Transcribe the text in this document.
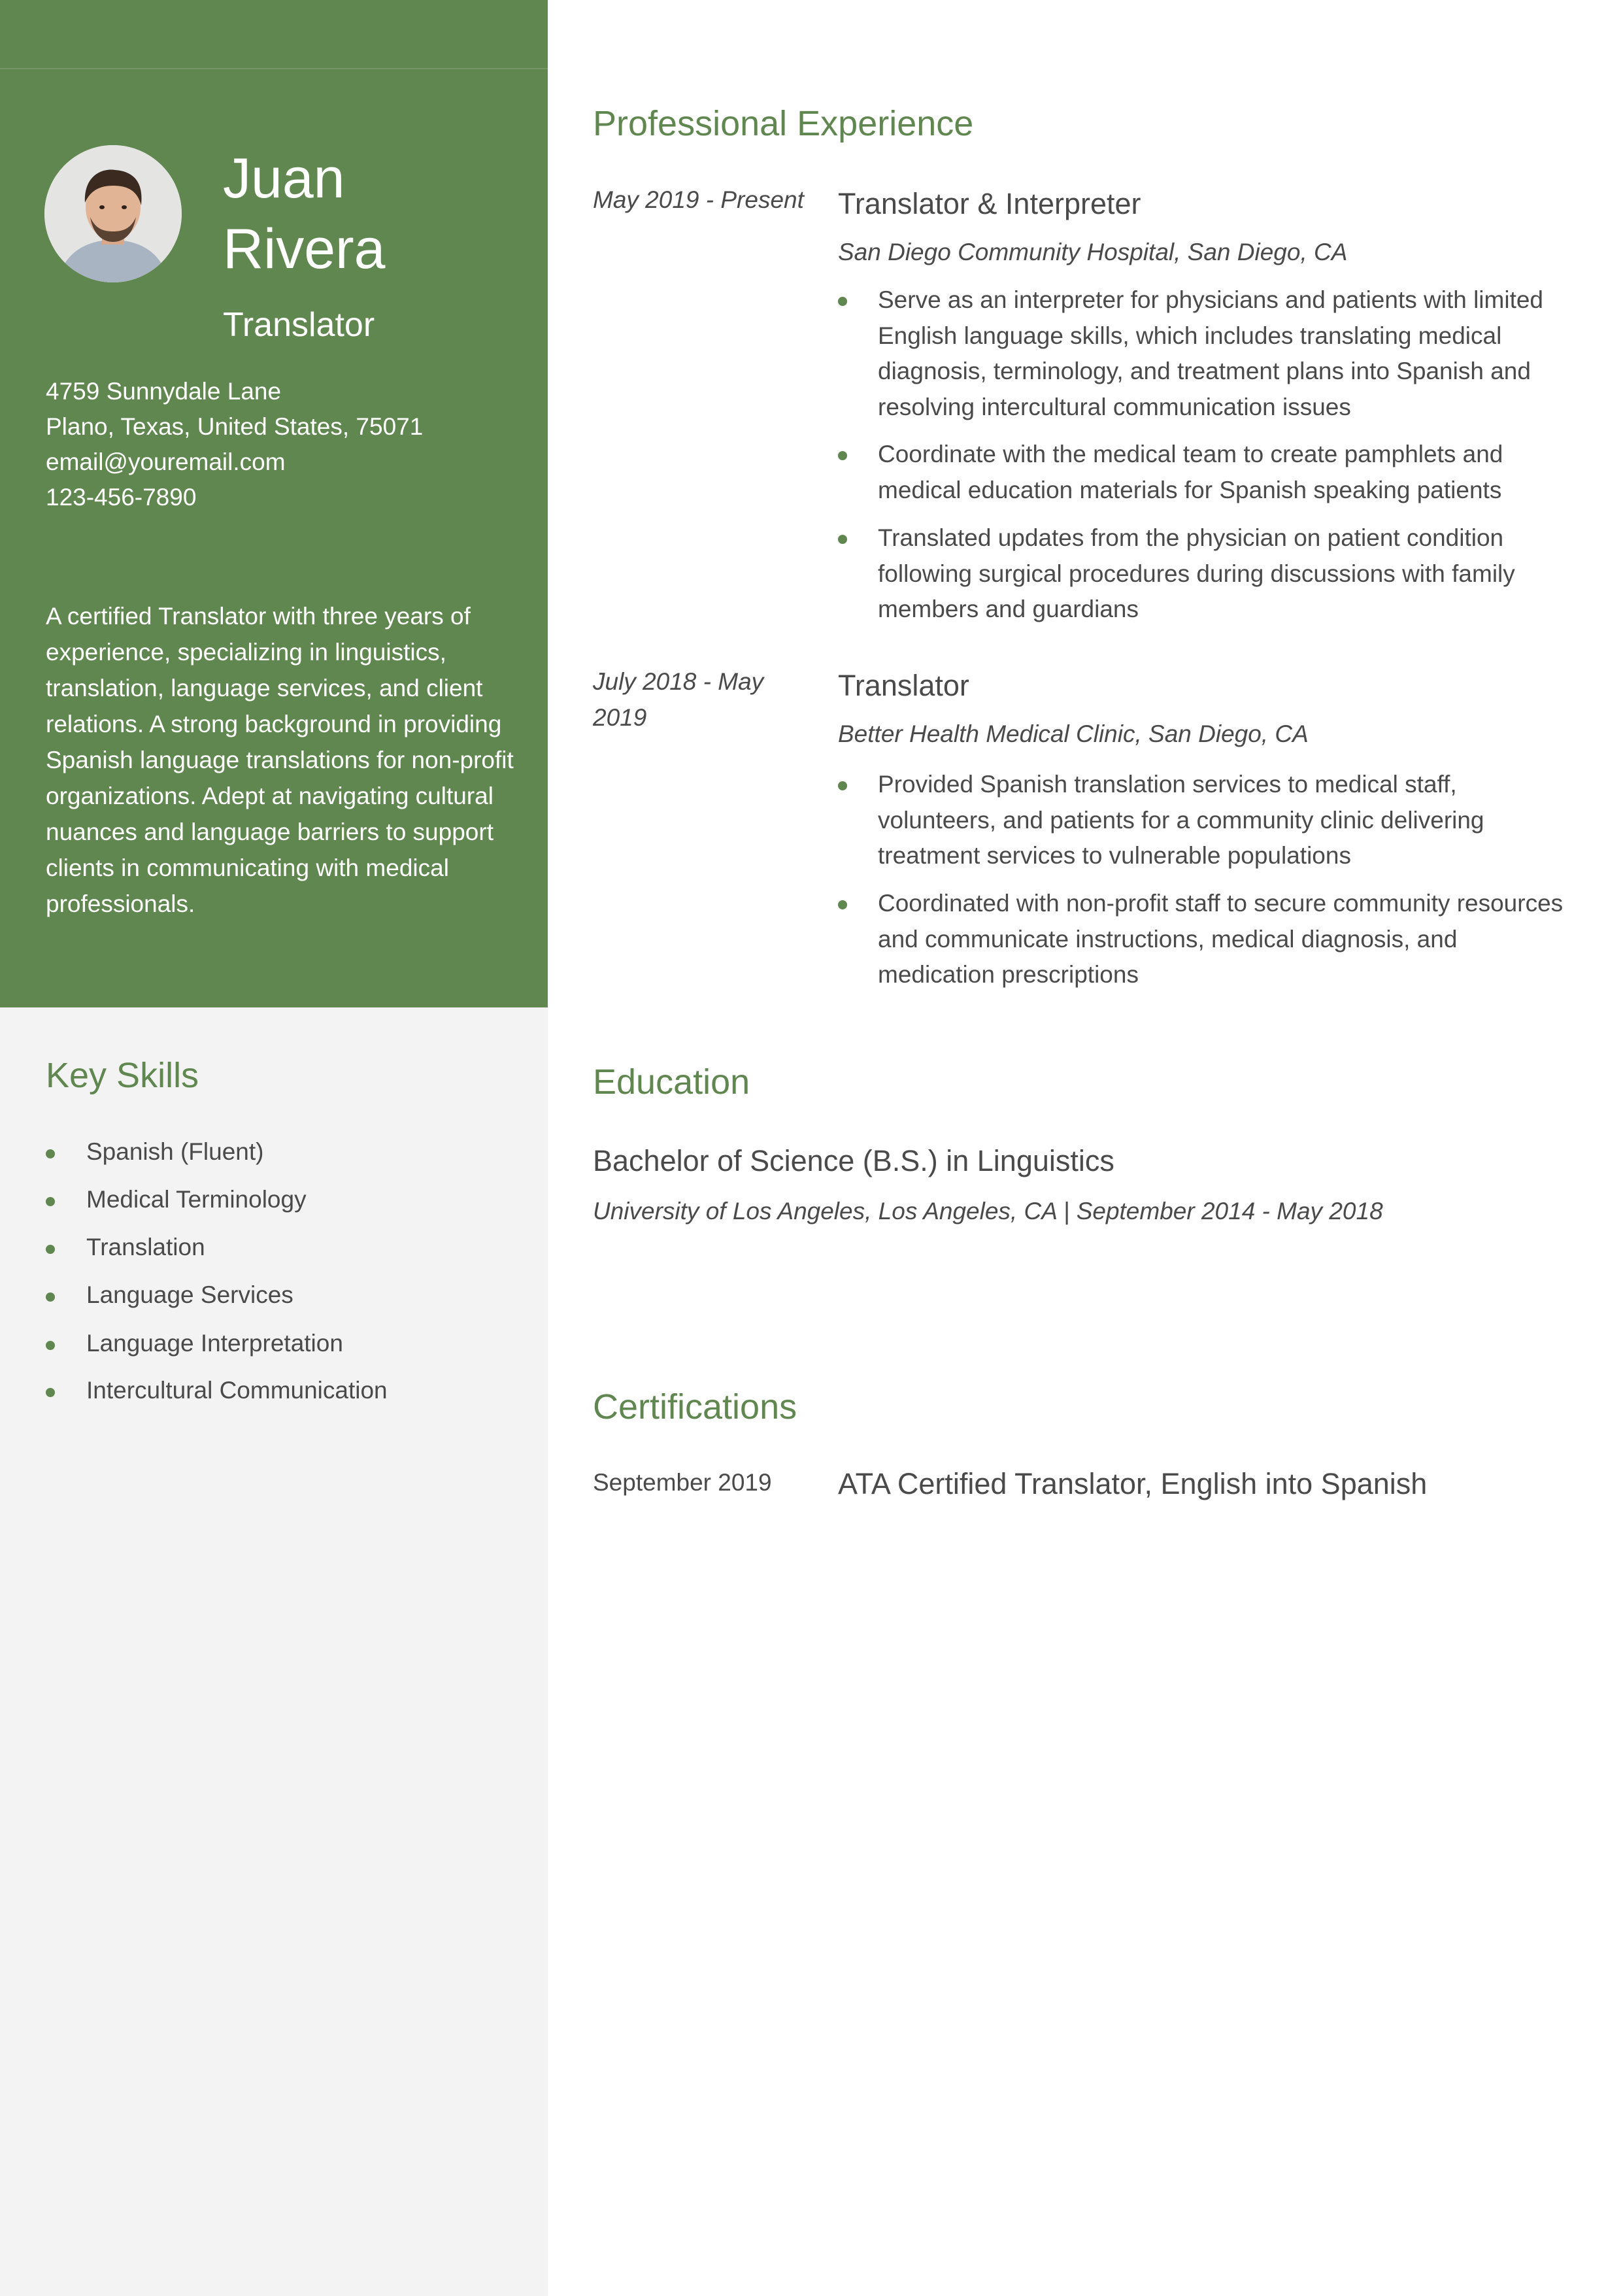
Juan
Rivera
Translator
4759 Sunnydale Lane
Plano, Texas, United States, 75071
email@youremail.com
123-456-7890
A certified Translator with three years of experience, specializing in linguistics, translation, language services, and client relations. A strong background in providing Spanish language translations for non-profit organizations. Adept at navigating cultural nuances and language barriers to support clients in communicating with medical professionals.
Key Skills
Spanish (Fluent)
Medical Terminology
Translation
Language Services
Language Interpretation
Intercultural Communication
Professional Experience
May 2019 - Present	Translator & Interpreter
San Diego Community Hospital, San Diego, CA
Serve as an interpreter for physicians and patients with limited English language skills, which includes translating medical diagnosis, terminology, and treatment plans into Spanish and resolving intercultural communication issues
Coordinate with the medical team to create pamphlets and medical education materials for Spanish speaking patients
Translated updates from the physician on patient condition following surgical procedures during discussions with family members and guardians
July 2018 - May 2019
Translator
Better Health Medical Clinic, San Diego, CA
Provided Spanish translation services to medical staff, volunteers, and patients for a community clinic delivering treatment services to vulnerable populations
Coordinated with non-profit staff to secure community resources and communicate instructions, medical diagnosis, and medication prescriptions
Education
Bachelor of Science (B.S.) in Linguistics
University of Los Angeles, Los Angeles, CA | September 2014 - May 2018
Certifications
September 2019 ATA Certified Translator, English into Spanish
